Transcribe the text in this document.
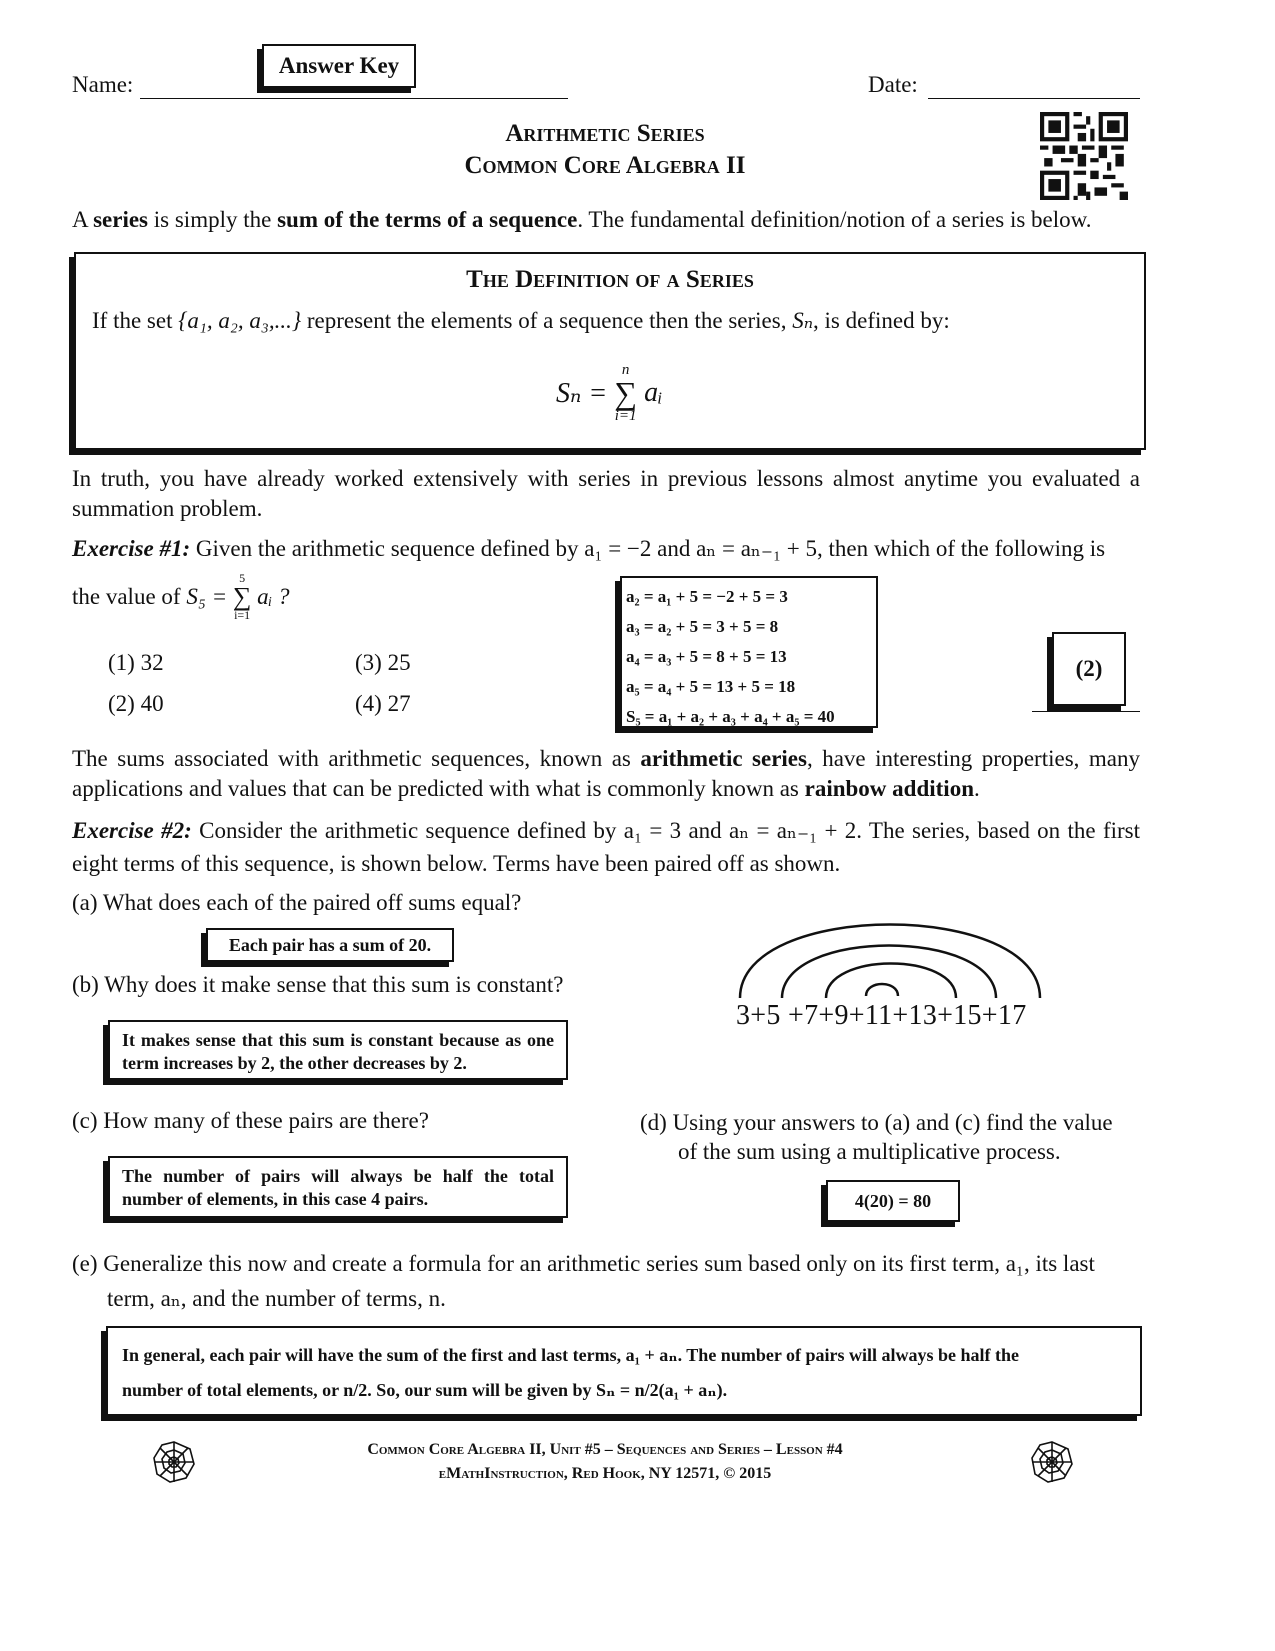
Answer Key
Name:	Date:
Arithmetic Series
Common Core Algebra II
A series is simply the sum of the terms of a sequence. The fundamental definition/notion of a series is below.
The Definition of a Series
If the set {a₁, a₂, a₃,...} represent the elements of a sequence then the series, Sₙ, is defined by:
Sₙ =
n
∑
i=1
aᵢ
In truth, you have already worked extensively with series in previous lessons almost anytime you evaluated a summation problem.
Exercise #1: Given the arithmetic sequence defined by a₁ = −2 and aₙ = aₙ₋₁ + 5, then which of the following is
the value of S₅ =
5
∑
i=1
aᵢ ?
(1) 32	(3) 25
(2) 40	(4) 27
a₂ = a₁ + 5 = −2 + 5 = 3
a₃ = a₂ + 5 = 3 + 5 = 8
a₄ = a₃ + 5 = 8 + 5 = 13
a₅ = a₄ + 5 = 13 + 5 = 18
S₅ = a₁ + a₂ + a₃ + a₄ + a₅ = 40
(2)
The sums associated with arithmetic sequences, known as arithmetic series, have interesting properties, many applications and values that can be predicted with what is commonly known as rainbow addition.
Exercise #2: Consider the arithmetic sequence defined by a₁ = 3 and aₙ = aₙ₋₁ + 2. The series, based on the first eight terms of this sequence, is shown below. Terms have been paired off as shown.
(a) What does each of the paired off sums equal?
Each pair has a sum of 20.
(b) Why does it make sense that this sum is constant?
It makes sense that this sum is constant because as one term increases by 2, the other decreases by 2.
3+5 +7+9+11+13+15+17
(c) How many of these pairs are there?
The number of pairs will always be half the total number of elements, in this case 4 pairs.
(d) Using your answers to (a) and (c) find the value
of the sum using a multiplicative process.
4(20) = 80
(e) Generalize this now and create a formula for an arithmetic series sum based only on its first term, a₁, its last
term, aₙ, and the number of terms, n.
In general, each pair will have the sum of the first and last terms, a₁ + aₙ. The number of pairs will always be half the
number of total elements, or n/2. So, our sum will be given by Sₙ = n/2(a₁ + aₙ).
Common Core Algebra II, Unit #5 – Sequences and Series – Lesson #4
eMathInstruction, Red Hook, NY 12571, © 2015
